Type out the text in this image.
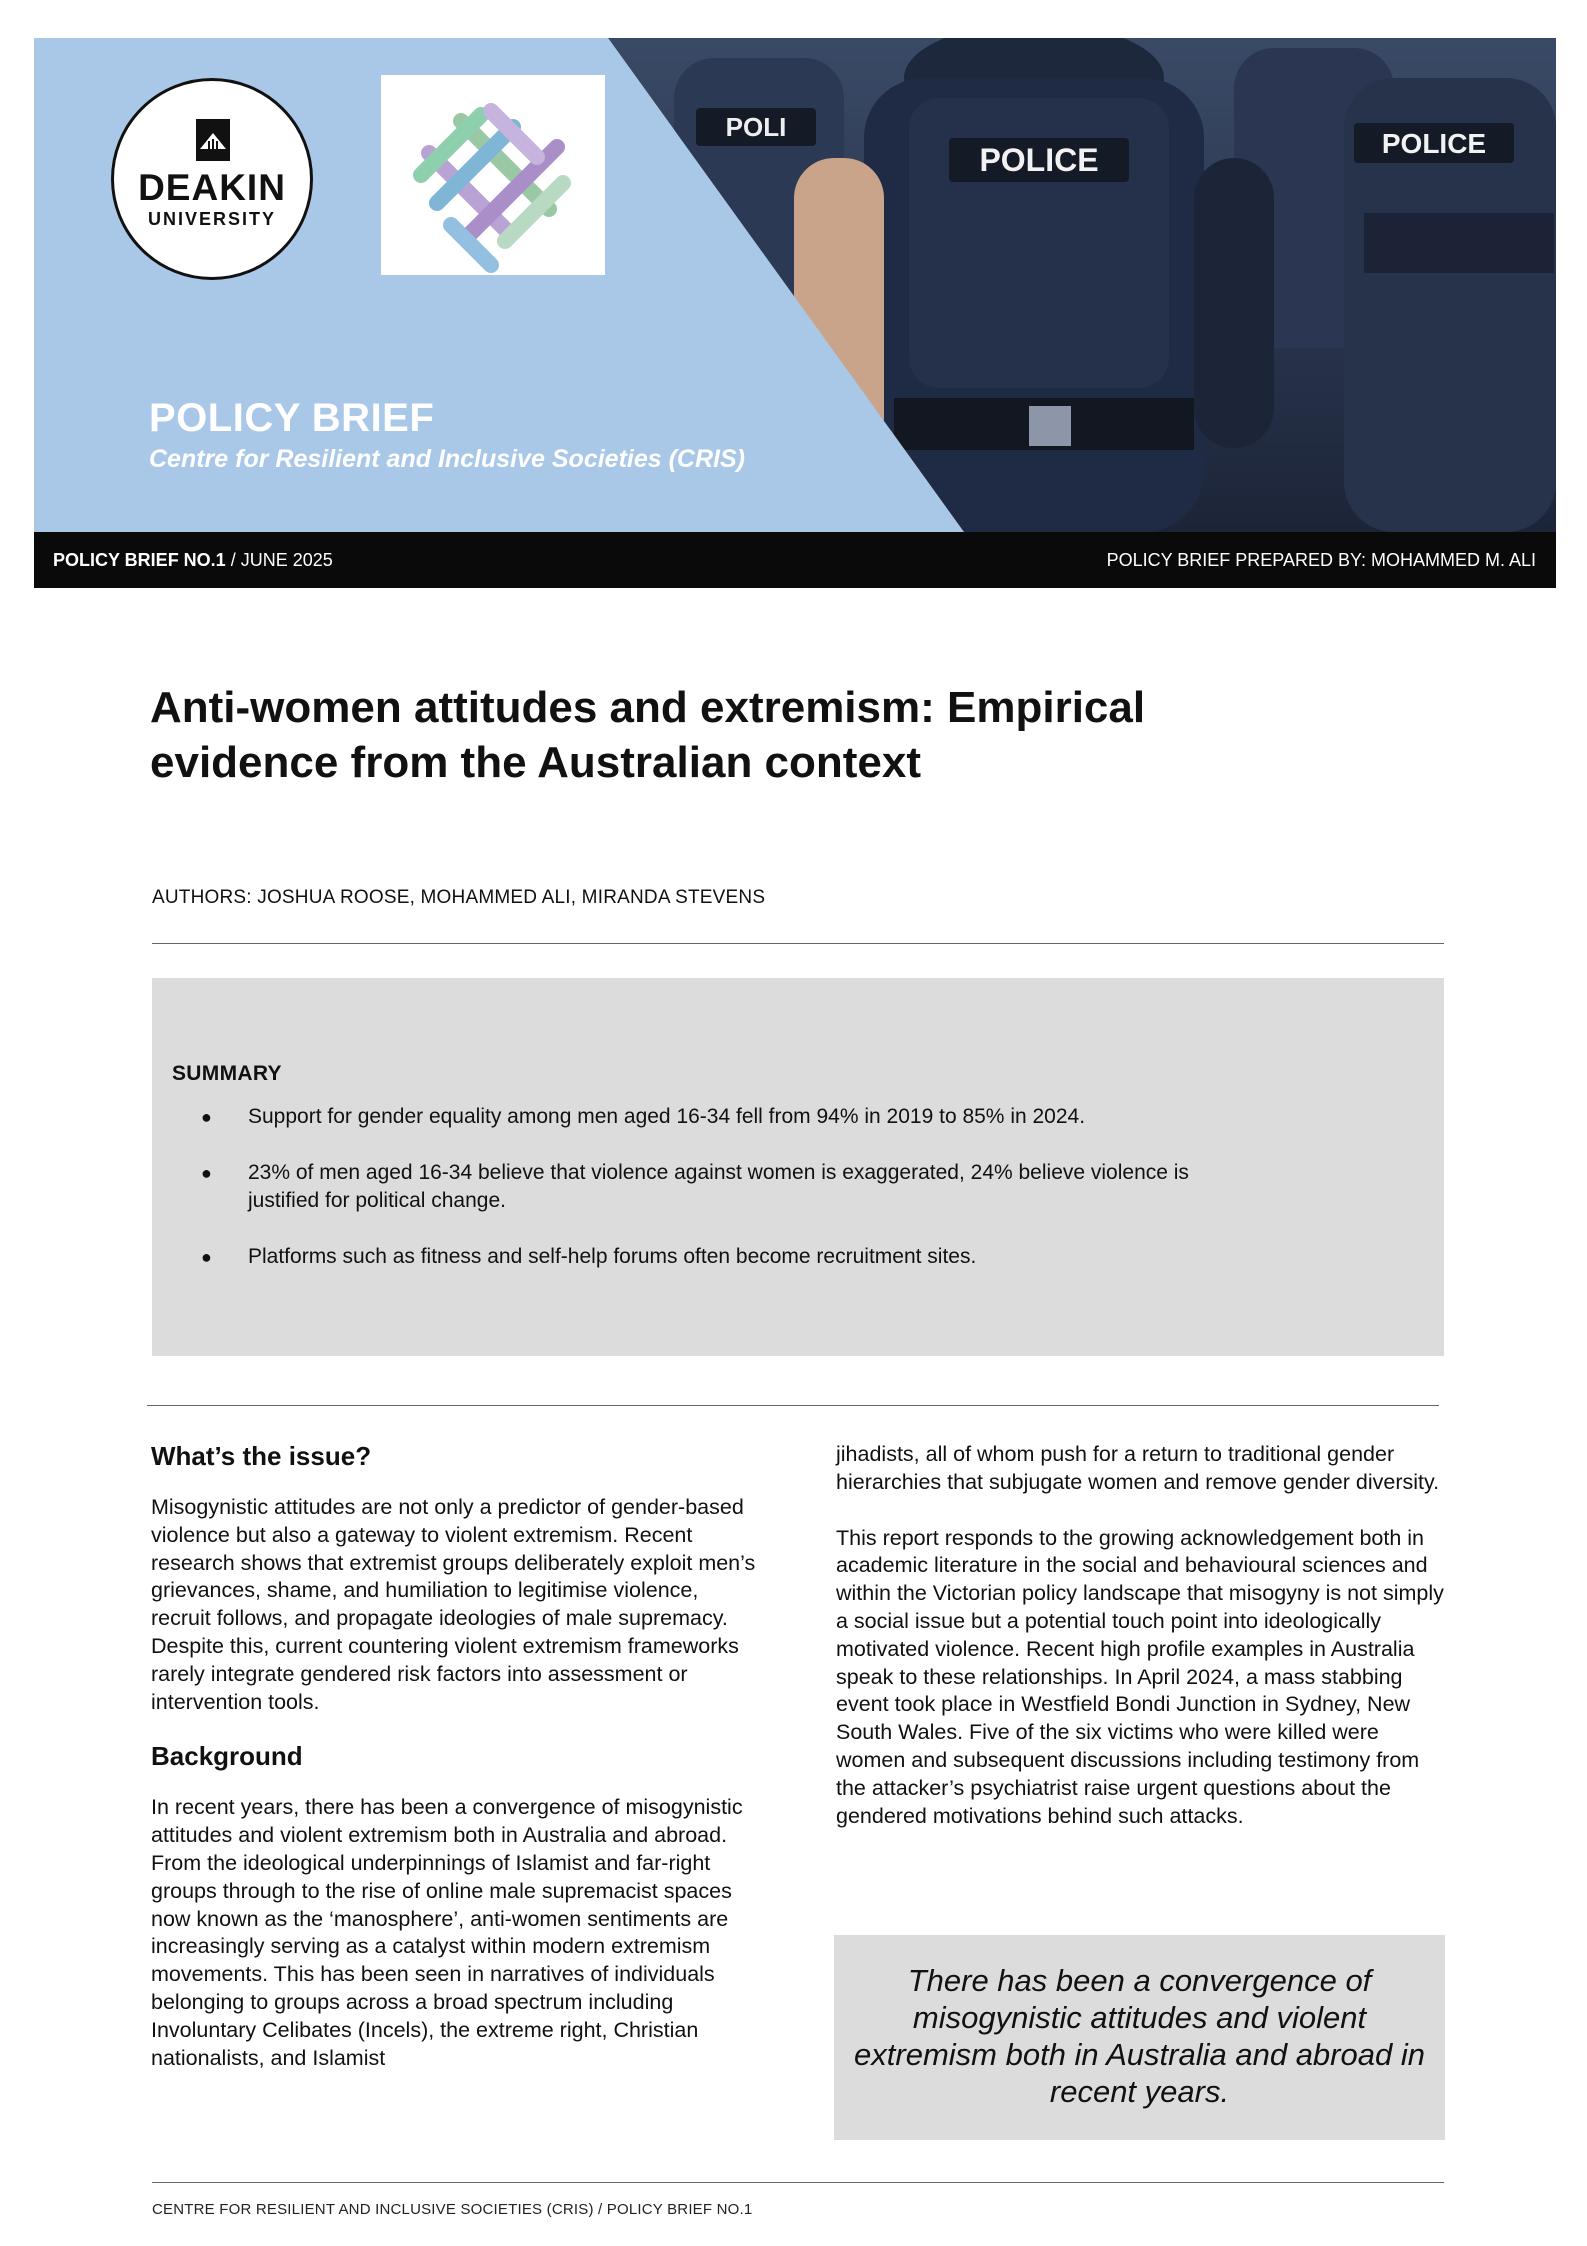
POLICE	POLICE
POLI
DEAKIN
UNIVERSITY
POLICY BRIEF
Centre for Resilient and Inclusive Societies (CRIS)
POLICY BRIEF NO.1 / JUNE 2025	POLICY BRIEF PREPARED BY: MOHAMMED M. ALI
Anti-women attitudes and extremism: Empirical
evidence from the Australian context
AUTHORS: JOSHUA ROOSE, MOHAMMED ALI, MIRANDA STEVENS
SUMMARY
● Support for gender equality among men aged 16-34 fell from 94% in 2019 to 85% in 2024.
● 23% of men aged 16-34 believe that violence against women is exaggerated, 24% believe violence is justified for political change.
● Platforms such as fitness and self-help forums often become recruitment sites.
What’s the issue?

Misogynistic attitudes are not only a predictor of gender-based violence but also a gateway to violent extremism. Recent research shows that extremist groups deliberately exploit men’s grievances, shame, and humiliation to legitimise violence, recruit follows, and propagate ideologies of male supremacy. Despite this, current countering violent extremism frameworks rarely integrate gendered risk factors into assessment or intervention tools.

Background

In recent years, there has been a convergence of misogynistic attitudes and violent extremism both in Australia and abroad. From the ideological underpinnings of Islamist and far-right groups through to the rise of online male supremacist spaces now known as the ‘manosphere’, anti-women sentiments are increasingly serving as a catalyst within modern extremism movements. This has been seen in narratives of individuals belonging to groups across a broad spectrum including Involuntary Celibates (Incels), the extreme right, Christian nationalists, and Islamist

jihadists, all of whom push for a return to traditional gender hierarchies that subjugate women and remove gender diversity.

This report responds to the growing acknowledgement both in academic literature in the social and behavioural sciences and within the Victorian policy landscape that misogyny is not simply a social issue but a potential touch point into ideologically motivated violence. Recent high profile examples in Australia speak to these relationships. In April 2024, a mass stabbing event took place in Westfield Bondi Junction in Sydney, New South Wales. Five of the six victims who were killed were women and subsequent discussions including testimony from the attacker’s psychiatrist raise urgent questions about the gendered motivations behind such attacks.

There has been a convergence of misogynistic attitudes and violent extremism both in Australia and abroad in recent years.
CENTRE FOR RESILIENT AND INCLUSIVE SOCIETIES (CRIS) / POLICY BRIEF NO.1
